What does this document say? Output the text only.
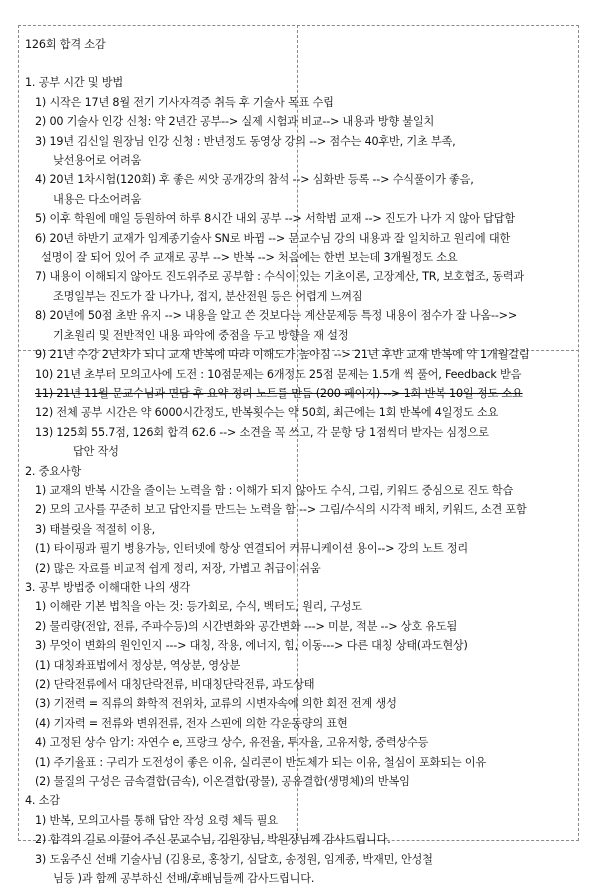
126회 합격 소감
1. 공부 시간 및 방법
1) 시작은 17년 8월 전기 기사자격증 취득 후 기술사 목표 수립
2) 00 기술사 인강 신청: 약 2년간 공부--> 실제 시험과 비교--> 내용과 방향 불일치
3) 19년 김신일 원장님 인강 신청 : 반년정도 동영상 강의 --> 점수는 40후반, 기초 부족,
낮선용어로 어려움
4) 20년 1차시험(120회) 후 좋은 씨앗 공개강의 참석 --> 심화반 등록 --> 수식풀이가 좋음,
내용은 다소어려움
5) 이후 학원에 매일 등원하여 하루 8시간 내외 공부 --> 서학범 교재 --> 진도가 나가 지 않아 답답함
6) 20년 하반기 교재가 임계종기술사 SN로 바뀜 --> 문교수님 강의 내용과 잘 일치하고 원리에 대한
설명이 잘 되어 있어 주 교재로 공부 --> 반복 --> 처음에는 한번 보는데 3개월정도 소요
7) 내용이 이해되지 않아도 진도위주로 공부함 : 수식이 있는 기초이론, 고장계산, TR, 보호협조, 동력과
조명일부는 진도가 잘 나가나, 접지, 분산전원 등은 어렵게 느껴짐
8) 20년에 50점 초반 유지 --> 내용을 알고 쓴 것보다는 계산문제등 특정 내용이 점수가 잘 나옴-->>
기초원리 및 전반적인 내용 파악에 중점을 두고 방향을 재 설정
9) 21년 수강 2년차가 되니 교재 반복에 따라 이해도가 높아짐 --> 21년 후반 교재 반복에 약 1개월걸림
10) 21년 초부터 모의고사에 도전 : 10점문제는 6개정도 25점 문제는 1.5개 씩 풀어, Feedback 받음
11) 21년 11월 문교수님과 면담 후 요약 정리 노트를 만듬 (200 페이지) --> 1회 반복 10일 정도 소요
12) 전체 공부 시간은 약 6000시간정도, 반복횟수는 약 50회, 최근에는 1회 반복에 4일정도 소요
13) 125회 55.7점, 126회 합격 62.6 --> 소견을 꼭 쓰고, 각 문항 당 1점씩더 받자는 심정으로
답안 작성
2. 중요사항
1) 교재의 반복 시간을 줄이는 노력을 함 : 이해가 되지 않아도 수식, 그림, 키워드 중심으로 진도 학습
2) 모의 고사를 꾸준히 보고 답안지를 만드는 노력을 함 --> 그림/수식의 시각적 배치, 키워드, 소견 포함
3) 태블릿을 적절히 이용,
(1) 타이핑과 필기 병용가능, 인터넷에 항상 연결되어 커뮤니케이션 용이--> 강의 노트 정리
(2) 많은 자료를 비교적 쉽게 정리, 저장, 가볍고 취급이 쉬움
3. 공부 방법중 이해대한 나의 생각
1) 이해란 기본 법칙을 아는 것: 등가회로, 수식, 벡터도, 원리, 구성도
2) 물리량(전압, 전류, 주파수등)의 시간변화와 공간변화 ---> 미분, 적분 --> 상호 유도됨
3) 무엇이 변화의 원인인지 ---> 대칭, 작용, 에너지, 힘, 이동---> 다른 대칭 상태(과도현상)
(1) 대칭좌표법에서 정상분, 역상분, 영상분
(2) 단락전류에서 대칭단락전류, 비대칭단락전류, 과도상태
(3) 기전력 = 직류의 화학적 전위차, 교류의 시변자속에 의한 회전 전계 생성
(4) 기자력 = 전류와 변위전류, 전자 스핀에 의한 각운동량의 표현
4) 고정된 상수 암기: 자연수 e, 프랑크 상수, 유전율, 투자율, 고유저항, 중력상수등
(1) 주기율표 : 구리가 도전성이 좋은 이유, 실리콘이 반도체가 되는 이유, 철심이 포화되는 이유
(2) 물질의 구성은 금속결합(금속), 이온결합(광물), 공유결합(생명체)의 반복임
4. 소감
1) 반복, 모의고사를 통해 답안 작성 요령 체득 필요
2) 합격의 길로 이끌어 주신 문교수님, 김원장님, 박원장님께 감사드립니다.
3) 도움주신 선배 기술사님 (김용로, 홍창기, 심달호, 송정원, 임계종, 박재민, 안성철
님등 )과 함께 공부하신 선배/후배님들께 감사드립니다.
